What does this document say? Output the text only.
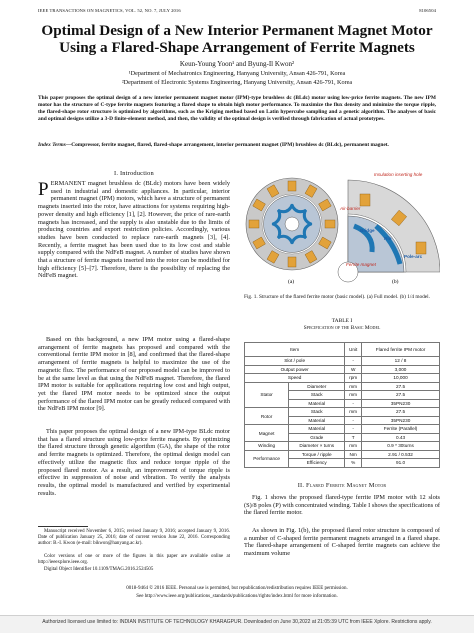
IEEE TRANSACTIONS ON MAGNETICS, VOL. 52, NO. 7, JULY 2016	8106504
Optimal Design of a New Interior Permanent Magnet Motor Using a Flared-Shape Arrangement of Ferrite Magnets
Keun-Young Yoon¹ and Byung-Il Kwon²
¹Department of Mechatronics Engineering, Hanyang University, Ansan 426-791, Korea
²Department of Electronic Systems Engineering, Hanyang University, Ansan 426-791, Korea
This paper proposes the optimal design of a new interior permanent magnet motor (IPM)-type brushless dc (BLdc) motor using low-price ferrite magnets. The new IPM motor has the structure of C-type ferrite magnets featuring a flared shape to obtain high motor performance. To maximize the flux density and minimize the torque ripple, the flared-shape rotor structure is optimized by algorithms, such as the Kriging method based on Latin hypercube sampling and a genetic algorithm. The analyses of basic and optimal designs utilize a 3-D finite-element method, and then, the validity of the optimal design is verified through fabrication of actual prototypes.
Index Terms—Compressor, ferrite magnet, flared, flared-shape arrangement, interior permanent magnet (IPM) brushless dc (BLdc), permanent magnet.
I. Introduction
PERMANENT magnet brushless dc (BLdc) motors have been widely used in industrial and domestic appliances. In particular, interior permanent magnet (IPM) motors, which have a structure of permanent magnets inserted into the rotor, have attractions for systems requiring high-power density and high efficiency [1], [2]. However, the price of rare-earth magnets has increased, and the supply is also unstable due to the limits of producing countries and export restriction policies. Accordingly, various studies have been conducted to replace rare-earth magnets [3], [4]. Recently, a ferrite magnet has been used due to its low cost and stable supply compared with the NdFeB magnet. A number of studies have shown that a structure of ferrite magnets inserted into the rotor can be modified for high efficiency [5]–[7]. Therefore, there is the possibility of replacing the NdFeB magnet.
Based on this background, a new IPM motor using a flared-shape arrangement of ferrite magnets has proposed and compared with the conventional ferrite IPM motor in [8], and confirmed that the flared-shape arrangement of ferrite magnets is helpful to maximize the use of the magnetic flux. The performance of our proposed model can be improved to be at the same level as that using the NdFeB magnet. Therefore, the flared IPM motor is suitable for applications requiring low cost and high output, yet the flared IPM motor needs to be optimized since the output performance of the flared IPM motor can be greatly reduced compared with the NdFeB IPM motor [9].
This paper proposes the optimal design of a new IPM-type BLdc motor that has a flared structure using low-price ferrite magnets. By optimizing the flared structure through genetic algorithm (GA), the shape of the rotor and ferrite magnets is optimized. Therefore, the optimal design model can effectively utilize the magnetic flux and reduce torque ripple of the proposed flared motor. As a result, an improvement of torque ripple is effective in suppression of noise and vibration. To verify the analysis results, the optimal model is manufactured and verified by experimental results.
Manuscript received November 6, 2015; revised January 9, 2016; accepted January 9, 2016. Date of publication January 25, 2016; date of current version June 22, 2016. Corresponding author: B.-I. Kwon (e-mail: bikwon@hanyang.ac.kr).
Color versions of one or more of the figures in this paper are available online at http://ieeexplore.ieee.org.
Digital Object Identifier 10.1109/TMAG.2016.2524505
(a)
Insulation inserting hole
Air-barrier
Bridge
Rib
Pole-arc
Ferrite magnet
(b)
Fig. 1. Structure of the flared ferrite motor (basic model). (a) Full model. (b) 1/4 model.
TABLE I
Specification of the Basic Model
Item		Unit	Flared ferrite IPM motor
Slot / pole		-	12 / 8
Output power		W	3,000
Speed		rpm	10,000
Stator	Diameter	mm	27.5
	Stack	mm	27.5
	Material	-	35PN230
Rotor	Stack	mm	27.5
	Material	-	35PN230
Magnet	Material	-	Ferrite (Parallel)
	Grade	T	0.43
Winding	Diameter × turns	mm	0.9 * 30turns
Performance	Torque / ripple	Nm	2.91 / 0.532
	Efficiency	%	91.0
II. Flared Ferrite Magnet Motor
Fig. 1 shows the proposed flared-type ferrite IPM motor with 12 slots (S)/8 poles (P) with concentrated winding. Table I shows the specifications of the flared ferrite motor.
As shown in Fig. 1(b), the proposed flared rotor structure is composed of a number of C-shaped ferrite permanent magnets arranged in a flared shape. The flared-shape arrangement of C-shaped ferrite magnets can achieve the maximum volume
0018-9464 © 2016 IEEE. Personal use is permitted, but republication/redistribution requires IEEE permission.
See http://www.ieee.org/publications_standards/publications/rights/index.html for more information.
Authorized licensed use limited to: INDIAN INSTITUTE OF TECHNOLOGY KHARAGPUR. Downloaded on June 30,2022 at 21:05:39 UTC from IEEE Xplore. Restrictions apply.
